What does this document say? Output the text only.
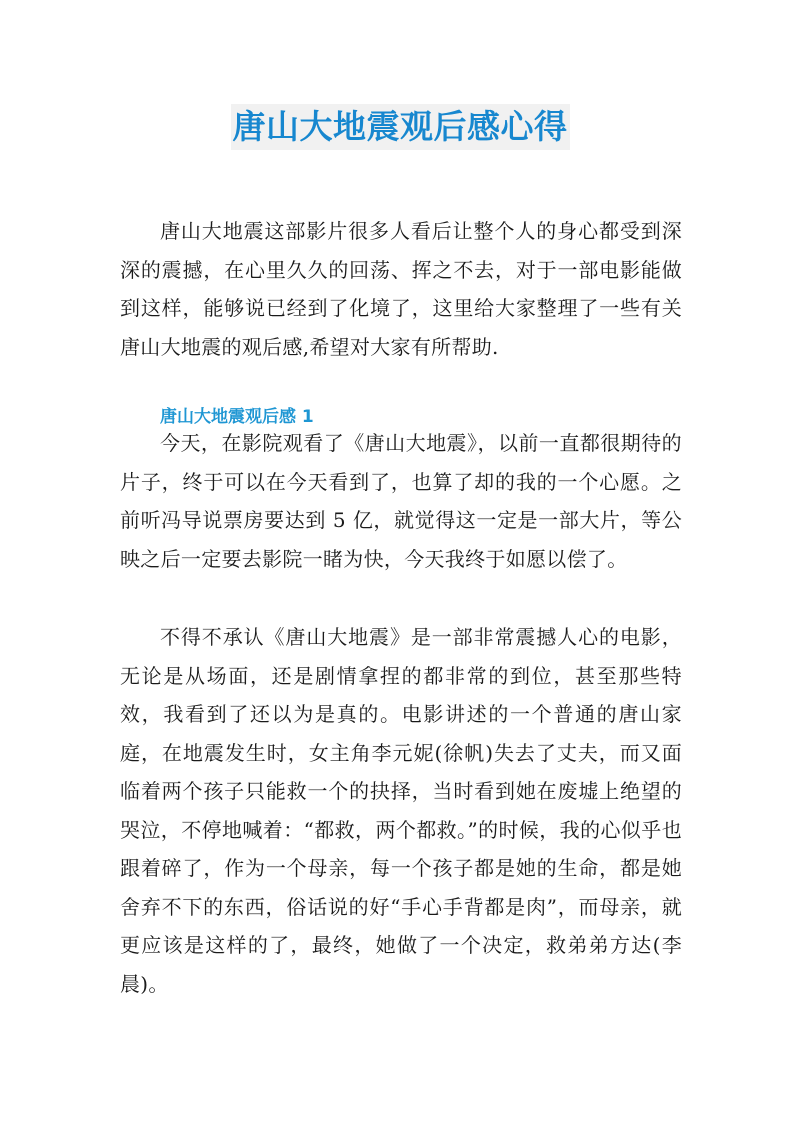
唐山大地震观后感心得

唐山大地震这部影片很多人看后让整个人的身心都受到深深的震撼，在心里久久的回荡、挥之不去，对于一部电影能做到这样，能够说已经到了化境了，这里给大家整理了一些有关唐山大地震的观后感,希望对大家有所帮助.

唐山大地震观后感 1

今天，在影院观看了《唐山大地震》，以前一直都很期待的片子，终于可以在今天看到了，也算了却的我的一个心愿。之前听冯导说票房要达到 5 亿，就觉得这一定是一部大片，等公映之后一定要去影院一睹为快，今天我终于如愿以偿了。

不得不承认《唐山大地震》是一部非常震撼人心的电影，无论是从场面，还是剧情拿捏的都非常的到位，甚至那些特效，我看到了还以为是真的。电影讲述的一个普通的唐山家庭，在地震发生时，女主角李元妮(徐帆)失去了丈夫，而又面临着两个孩子只能救一个的抉择，当时看到她在废墟上绝望的哭泣，不停地喊着：“都救，两个都救。”的时候，我的心似乎也跟着碎了，作为一个母亲，每一个孩子都是她的生命，都是她舍弃不下的东西，俗话说的好“手心手背都是肉”，而母亲，就更应该是这样的了，最终，她做了一个决定，救弟弟方达(李晨)。
